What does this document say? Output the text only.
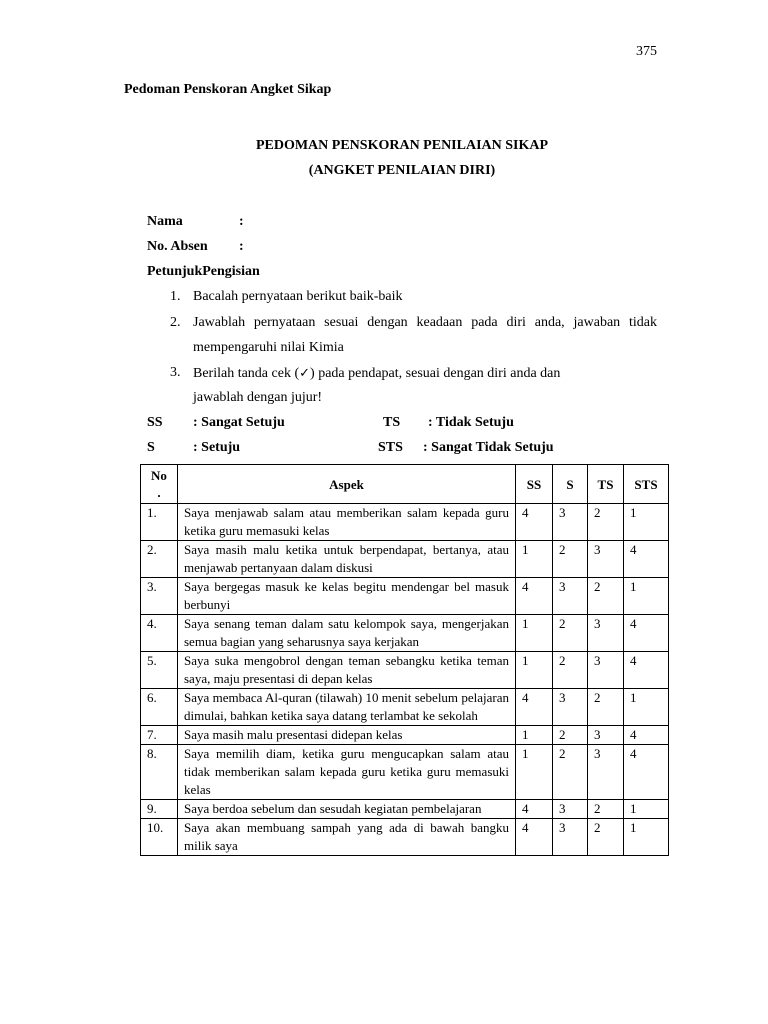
375
Pedoman Penskoran Angket Sikap
PEDOMAN PENSKORAN PENILAIAN SIKAP
(ANGKET PENILAIAN DIRI)
Nama	:
No. Absen :
PetunjukPengisian
1. Bacalah pernyataan berikut baik-baik
2. Jawablah pernyataan sesuai dengan keadaan pada diri anda, jawaban tidak
mempengaruhi nilai Kimia
3. Berilah tanda cek (✓) pada pendapat, sesuai dengan diri anda dan
jawablah dengan jujur!
SS : Sangat Setuju	TS : Tidak Setuju
S	: Setuju	STS : Sangat Tidak Setuju
No
.	Aspek	SS	S	TS	STS
1.	Saya menjawab salam atau memberikan salam kepada guru ketika guru memasuki kelas	4	3	2	1
2.	Saya masih malu ketika untuk berpendapat, bertanya, atau menjawab pertanyaan dalam diskusi	1	2	3	4
3.	Saya bergegas masuk ke kelas begitu mendengar bel masuk berbunyi	4	3	2	1
4.	Saya senang teman dalam satu kelompok saya, mengerjakan semua bagian yang seharusnya saya kerjakan	1	2	3	4
5.	Saya suka mengobrol dengan teman sebangku ketika teman saya, maju presentasi di depan kelas	1	2	3	4
6.	Saya membaca Al-quran (tilawah) 10 menit sebelum pelajaran dimulai, bahkan ketika saya datang terlambat ke sekolah	4	3	2	1
7.	Saya masih malu presentasi didepan kelas	1	2	3	4
8.	Saya memilih diam, ketika guru mengucapkan salam atau tidak memberikan salam kepada guru ketika guru memasuki kelas	1	2	3	4
9.	Saya berdoa sebelum dan sesudah kegiatan pembelajaran	4	3	2	1
10.	Saya akan membuang sampah yang ada di bawah bangku milik saya	4	3	2	1
